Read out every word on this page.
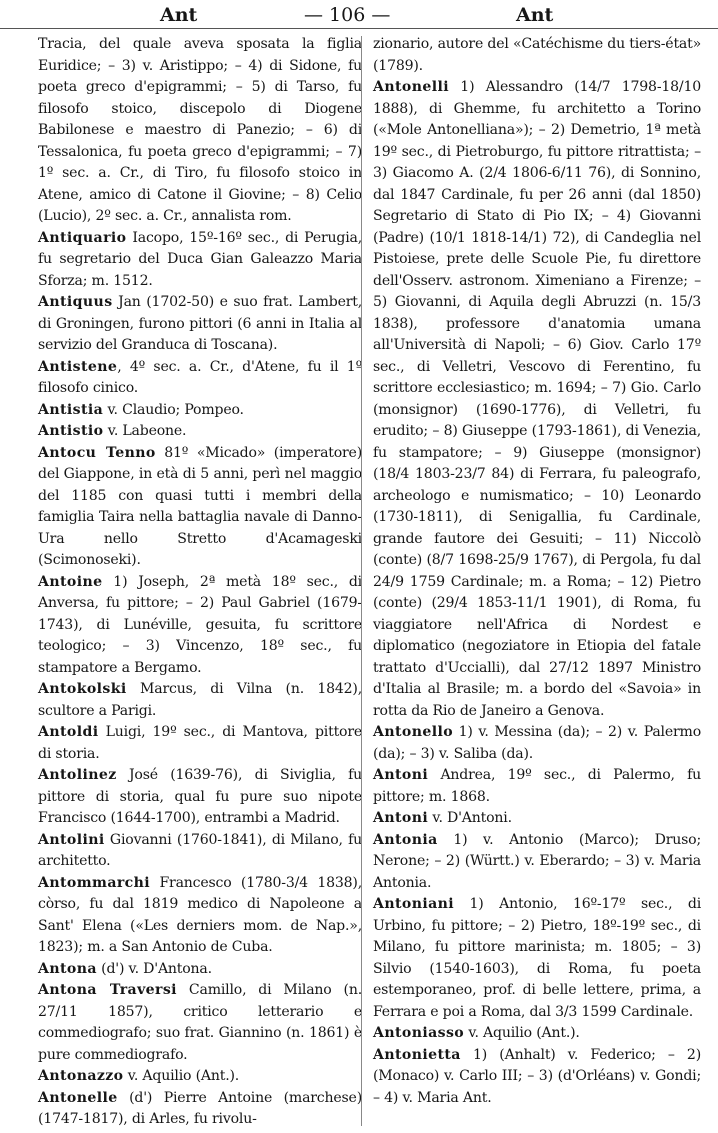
Ant	— 106 —	Ant

Tracia, del quale aveva sposata la figlia Euridice; – 3) v. Aristippo; – 4) di Sidone, fu poeta greco d'epigrammi; – 5) di Tarso, fu filosofo stoico, discepolo di Diogene Babilonese e maestro di Panezio; – 6) di Tessalonica, fu poeta greco d'epigrammi; – 7) 1º sec. a. Cr., di Tiro, fu filosofo stoico in Atene, amico di Catone il Giovine; – 8) Celio (Lucio), 2º sec. a. Cr., annalista rom.

Antiquario Iacopo, 15º-16º sec., di Perugia, fu segretario del Duca Gian Galeazzo Maria Sforza; m. 1512.

Antiquus Jan (1702-50) e suo frat. Lambert, di Groningen, furono pittori (6 anni in Italia al servizio del Granduca di Toscana).

Antistene, 4º sec. a. Cr., d'Atene, fu il 1º filosofo cinico.

Antistia v. Claudio; Pompeo.

Antistio v. Labeone.

Antocu Tenno 81º «Micado» (imperatore) del Giappone, in età di 5 anni, perì nel maggio del 1185 con quasi tutti i membri della famiglia Taira nella battaglia navale di Danno-Ura nello Stretto d'Acamageski (Scimonoseki).

Antoine 1) Joseph, 2ª metà 18º sec., di Anversa, fu pittore; – 2) Paul Gabriel (1679-1743), di Lunéville, gesuita, fu scrittore teologico; – 3) Vincenzo, 18º sec., fu stampatore a Bergamo.

Antokolski Marcus, di Vilna (n. 1842), scultore a Parigi.

Antoldi Luigi, 19º sec., di Mantova, pittore di storia.

Antolinez José (1639-76), di Siviglia, fu pittore di storia, qual fu pure suo nipote Francisco (1644-1700), entrambi a Madrid.

Antolini Giovanni (1760-1841), di Milano, fu architetto.

Antommarchi Francesco (1780-3/4 1838), còrso, fu dal 1819 medico di Napoleone a Sant' Elena («Les derniers mom. de Nap.», 1823); m. a San Antonio de Cuba.

Antona (d') v. D'Antona.

Antona Traversi Camillo, di Milano (n. 27/11 1857), critico letterario e commediografo; suo frat. Giannino (n. 1861) è pure commediografo.

Antonazzo v. Aquilio (Ant.).

Antonelle (d') Pierre Antoine (marchese) (1747-1817), di Arles, fu rivolu-

zionario, autore del «Catéchisme du tiers-état» (1789).

Antonelli 1) Alessandro (14/7 1798-18/10 1888), di Ghemme, fu architetto a Torino («Mole Antonelliana»); – 2) Demetrio, 1ª metà 19º sec., di Pietroburgo, fu pittore ritrattista; – 3) Giacomo A. (2/4 1806-6/11 76), di Sonnino, dal 1847 Cardinale, fu per 26 anni (dal 1850) Segretario di Stato di Pio IX; – 4) Giovanni (Padre) (10/1 1818-14/1) 72), di Candeglia nel Pistoiese, prete delle Scuole Pie, fu direttore dell'Osserv. astronom. Ximeniano a Firenze; – 5) Giovanni, di Aquila degli Abruzzi (n. 15/3 1838), professore d'anatomia umana all'Università di Napoli; – 6) Giov. Carlo 17º sec., di Velletri, Vescovo di Ferentino, fu scrittore ecclesiastico; m. 1694; – 7) Gio. Carlo (monsignor) (1690-1776), di Velletri, fu erudito; – 8) Giuseppe (1793-1861), di Venezia, fu stampatore; – 9) Giuseppe (monsignor) (18/4 1803-23/7 84) di Ferrara, fu paleografo, archeologo e numismatico; – 10) Leonardo (1730-1811), di Senigallia, fu Cardinale, grande fautore dei Gesuiti; – 11) Niccolò (conte) (8/7 1698-25/9 1767), di Pergola, fu dal 24/9 1759 Cardinale; m. a Roma; – 12) Pietro (conte) (29/4 1853-11/1 1901), di Roma, fu viaggiatore nell'Africa di Nordest e diplomatico (negoziatore in Etiopia del fatale trattato d'Uccialli), dal 27/12 1897 Ministro d'Italia al Brasile; m. a bordo del «Savoia» in rotta da Rio de Janeiro a Genova.

Antonello 1) v. Messina (da); – 2) v. Palermo (da); – 3) v. Saliba (da).

Antoni Andrea, 19º sec., di Palermo, fu pittore; m. 1868.

Antoni v. D'Antoni.

Antonia 1) v. Antonio (Marco); Druso; Nerone; – 2) (Württ.) v. Eberardo; – 3) v. Maria Antonia.

Antoniani 1) Antonio, 16º-17º sec., di Urbino, fu pittore; – 2) Pietro, 18º-19º sec., di Milano, fu pittore marinista; m. 1805; – 3) Silvio (1540-1603), di Roma, fu poeta estemporaneo, prof. di belle lettere, prima, a Ferrara e poi a Roma, dal 3/3 1599 Cardinale.

Antoniasso v. Aquilio (Ant.).

Antonietta 1) (Anhalt) v. Federico; – 2) (Monaco) v. Carlo III; – 3) (d'Orléans) v. Gondi; – 4) v. Maria Ant.
